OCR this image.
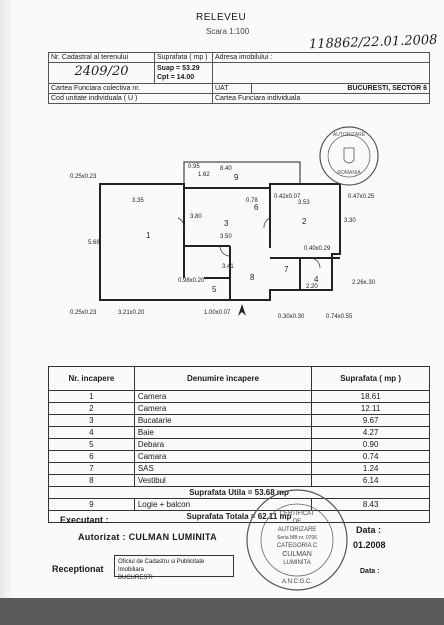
RELEVEU
Scara 1:100
118862/22.01.2008
Nr. Cadastral al terenului	Suprafata ( mp )	Adresa imobilului :	
2409/20	Suap = 53.29
Cpt = 14.00		

Cartea Funciara colectiva nr.		UAT	BUCURESTI, SECTOR 6
Cod unitate individuala ( U )		Cartea Funciara individuala	
8.40
3.35
3.50
3.53
5.68
3.30
3.80
0.25x0.23
0.47x0.25
0.42x0.07
0.40x0.29
0.25x0.23	3.21x0.20	1.00x0.07
0.30x0.30	0.74x0.55
0.98x0.20
3.41
1.62
0.95
2.20
2.26x.30
0.78
1
2
3
4
5
6
7
8
9
AUTORIZARE
ROMANIA
Nr. incapere	Denumire incapere	Suprafata ( mp )
1	Camera	18.61
2	Camera	12.11
3	Bucatarie	9.67
4	Baie	4.27
5	Debara	0.90
6	Camara	0.74
7	SAS	1.24
8	Vestibul	6.14
Suprafata Utila = 53.68 mp		
9	Logie + balcon	8.43
Suprafata Totala = 62.11 mp		
Executant :
Autorizat : CULMAN LUMINITA
Data :
01.2008
CERTIFICAT
DE
AUTORIZARE
Seria MB nr. 0706
CATEGORIA C
CULMAN
LUMINITA
A.N.C.G.C.
Receptionat
Oficiul de Cadastru si Publicitate Imobiliara
BUCURESTI
Data :
